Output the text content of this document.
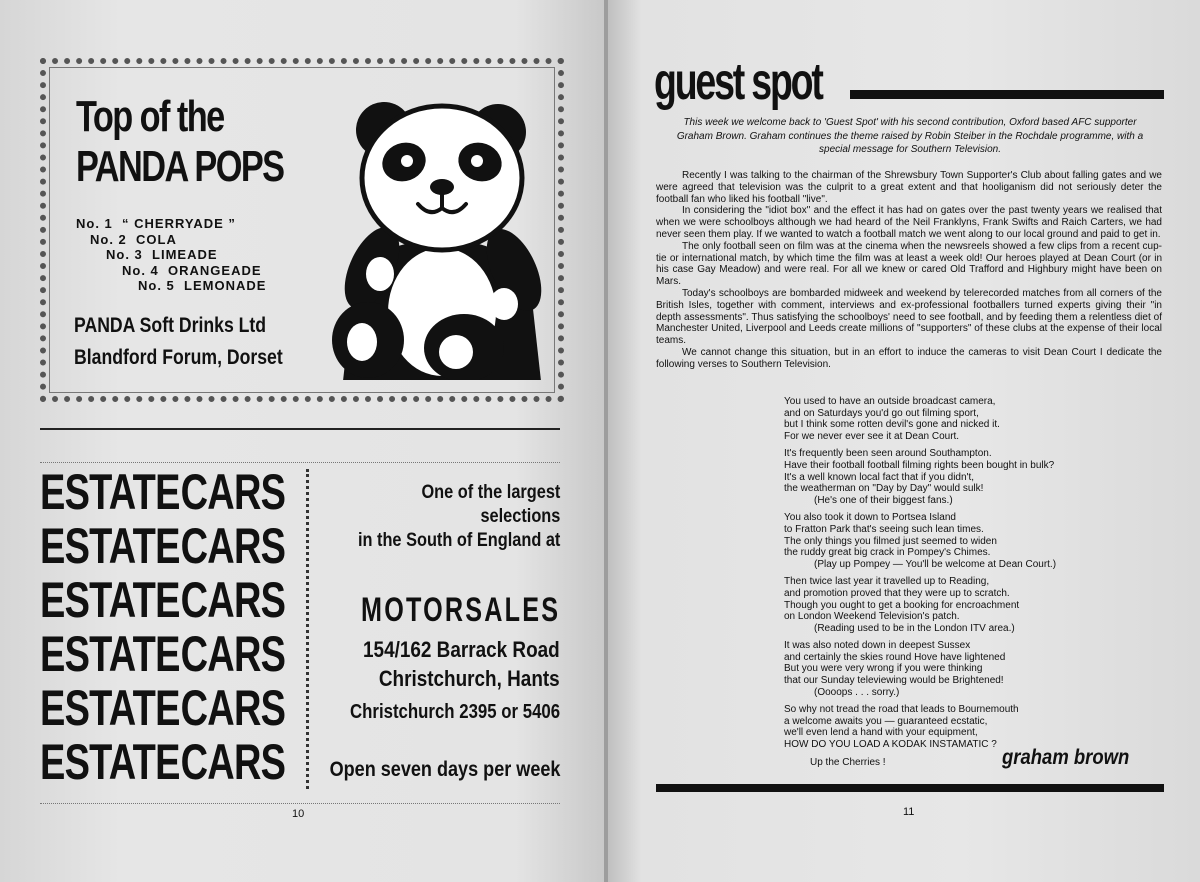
Top of the
PANDA POPS
No. 1 “ CHERRYADE ”
No. 2 COLA
No. 3 LIMEADE
No. 4 ORANGEADE
No. 5 LEMONADE
PANDA Soft Drinks Ltd
Blandford Forum, Dorset
ESTATECARS
ESTATECARS
ESTATECARS
ESTATECARS
ESTATECARS
ESTATECARS
One of the largest
selections
in the South of England at
MOTORSALES
154/162 Barrack Road
Christchurch, Hants
Christchurch 2395 or 5406
Open seven days per week
10
guest spot
This week we welcome back to 'Guest Spot' with his second contribution, Oxford based AFC supporter Graham Brown. Graham continues the theme raised by Robin Steiber in the Rochdale programme, with a special message for Southern Television.

Recently I was talking to the chairman of the Shrewsbury Town Supporter's Club about falling gates and we were agreed that television was the culprit to a great extent and that hooliganism did not seriously deter the football fan who liked his football "live".

In considering the "idiot box" and the effect it has had on gates over the past twenty years we realised that when we were schoolboys although we had heard of the Neil Franklyns, Frank Swifts and Raich Carters, we had never seen them play. If we wanted to watch a football match we went along to our local ground and paid to get in.

The only football seen on film was at the cinema when the newsreels showed a few clips from a recent cup-tie or international match, by which time the film was at least a week old! Our heroes played at Dean Court (or in his case Gay Meadow) and were real. For all we knew or cared Old Trafford and Highbury might have been on Mars.

Today's schoolboys are bombarded midweek and weekend by telerecorded matches from all corners of the British Isles, together with comment, interviews and ex-professional footballers turned experts giving their "in depth assessments". Thus satisfying the schoolboys' need to see football, and by feeding them a relentless diet of Manchester United, Liverpool and Leeds create millions of "supporters" of these clubs at the expense of their local teams.

We cannot change this situation, but in an effort to induce the cameras to visit Dean Court I dedicate the following verses to Southern Television.

You used to have an outside broadcast camera,
and on Saturdays you'd go out filming sport,
but I think some rotten devil's gone and nicked it.
For we never ever see it at Dean Court.
It's frequently been seen around Southampton.
Have their football football filming rights been bought in bulk?
It's a well known local fact that if you didn't,
the weatherman on "Day by Day" would sulk!
(He's one of their biggest fans.)
You also took it down to Portsea Island
to Fratton Park that's seeing such lean times.
The only things you filmed just seemed to widen
the ruddy great big crack in Pompey's Chimes.
(Play up Pompey — You'll be welcome at Dean Court.)
Then twice last year it travelled up to Reading,
and promotion proved that they were up to scratch.
Though you ought to get a booking for encroachment
on London Weekend Television's patch.
(Reading used to be in the London ITV area.)
It was also noted down in deepest Sussex
and certainly the skies round Hove have lightened
But you were very wrong if you were thinking
that our Sunday televiewing would be Brightened!
(Oooops . . . sorry.)
So why not tread the road that leads to Bournemouth
a welcome awaits you — guaranteed ecstatic,
we'll even lend a hand with your equipment,
HOW DO YOU LOAD A KODAK INSTAMATIC ?
Up the Cherries !	graham brown
11
